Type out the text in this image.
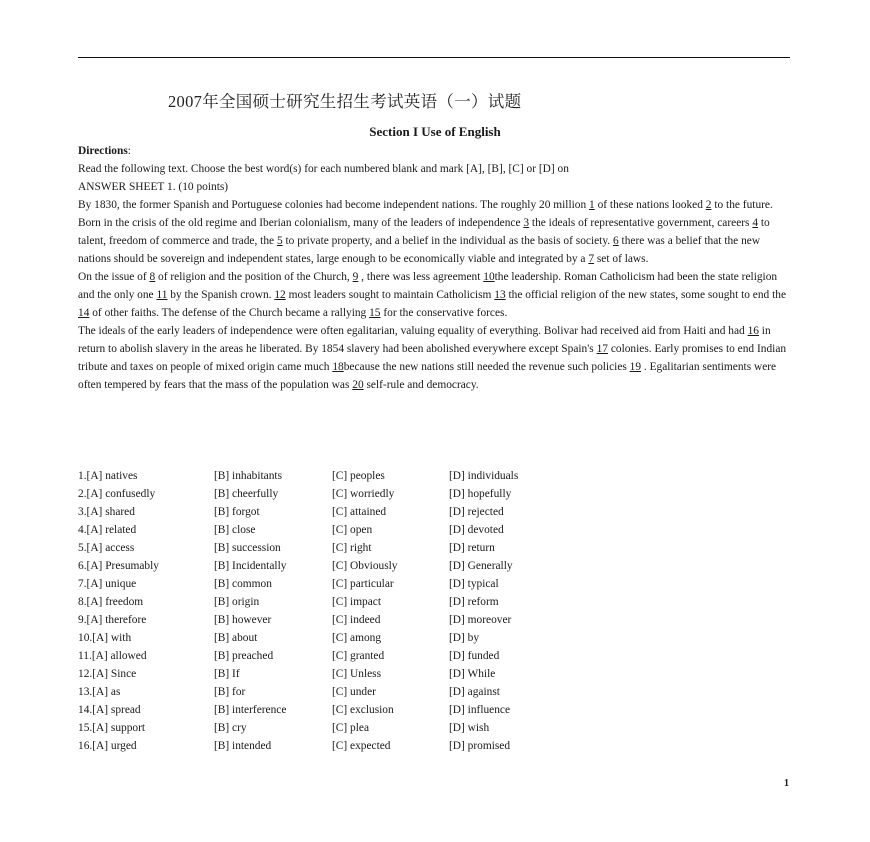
2007年全国硕士研究生招生考试英语（一）试题
Section I Use of English

Directions:

Read the following text. Choose the best word(s) for each numbered blank and mark [A], [B], [C] or [D] on
ANSWER SHEET 1. (10 points)

By 1830, the former Spanish and Portuguese colonies had become independent nations. The roughly 20 million 1 of these nations looked 2 to the future. Born in the crisis of the old regime and Iberian colonialism, many of the leaders of independence 3 the ideals of representative government, careers 4 to talent, freedom of commerce and trade, the 5 to private property, and a belief in the individual as the basis of society. 6 there was a belief that the new nations should be sovereign and independent states, large enough to be economically viable and integrated by a 7 set of laws.

On the issue of 8 of religion and the position of the Church, 9 , there was less agreement 10the leadership. Roman Catholicism had been the state religion and the only one 11 by the Spanish crown. 12 most leaders sought to maintain Catholicism 13 the official religion of the new states, some sought to end the 14 of other faiths. The defense of the Church became a rallying 15 for the conservative forces.

The ideals of the early leaders of independence were often egalitarian, valuing equality of everything. Bolivar had received aid from Haiti and had 16 in return to abolish slavery in the areas he liberated. By 1854 slavery had been abolished everywhere except Spain's 17 colonies. Early promises to end Indian tribute and taxes on people of mixed origin came much 18because the new nations still needed the revenue such policies 19 . Egalitarian sentiments were often tempered by fears that the mass of the population was 20 self-rule and democracy.

1.[A] natives	[B] inhabitants	[C] peoples	[D] individuals
2.[A] confusedly	[B] cheerfully	[C] worriedly	[D] hopefully
3.[A] shared	[B] forgot	[C] attained	[D] rejected
4.[A] related	[B] close	[C] open	[D] devoted
5.[A] access	[B] succession	[C] right	[D] return
6.[A] Presumably	[B] Incidentally	[C] Obviously	[D] Generally
7.[A] unique	[B] common	[C] particular	[D] typical
8.[A] freedom	[B] origin	[C] impact	[D] reform
9.[A] therefore	[B] however	[C] indeed	[D] moreover
10.[A] with	[B] about	[C] among	[D] by
11.[A] allowed	[B] preached	[C] granted	[D] funded
12.[A] Since	[B] If	[C] Unless	[D] While
13.[A] as	[B] for	[C] under	[D] against
14.[A] spread	[B] interference	[C] exclusion	[D] influence
15.[A] support	[B] cry	[C] plea	[D] wish
16.[A] urged	[B] intended	[C] expected	[D] promised
1
